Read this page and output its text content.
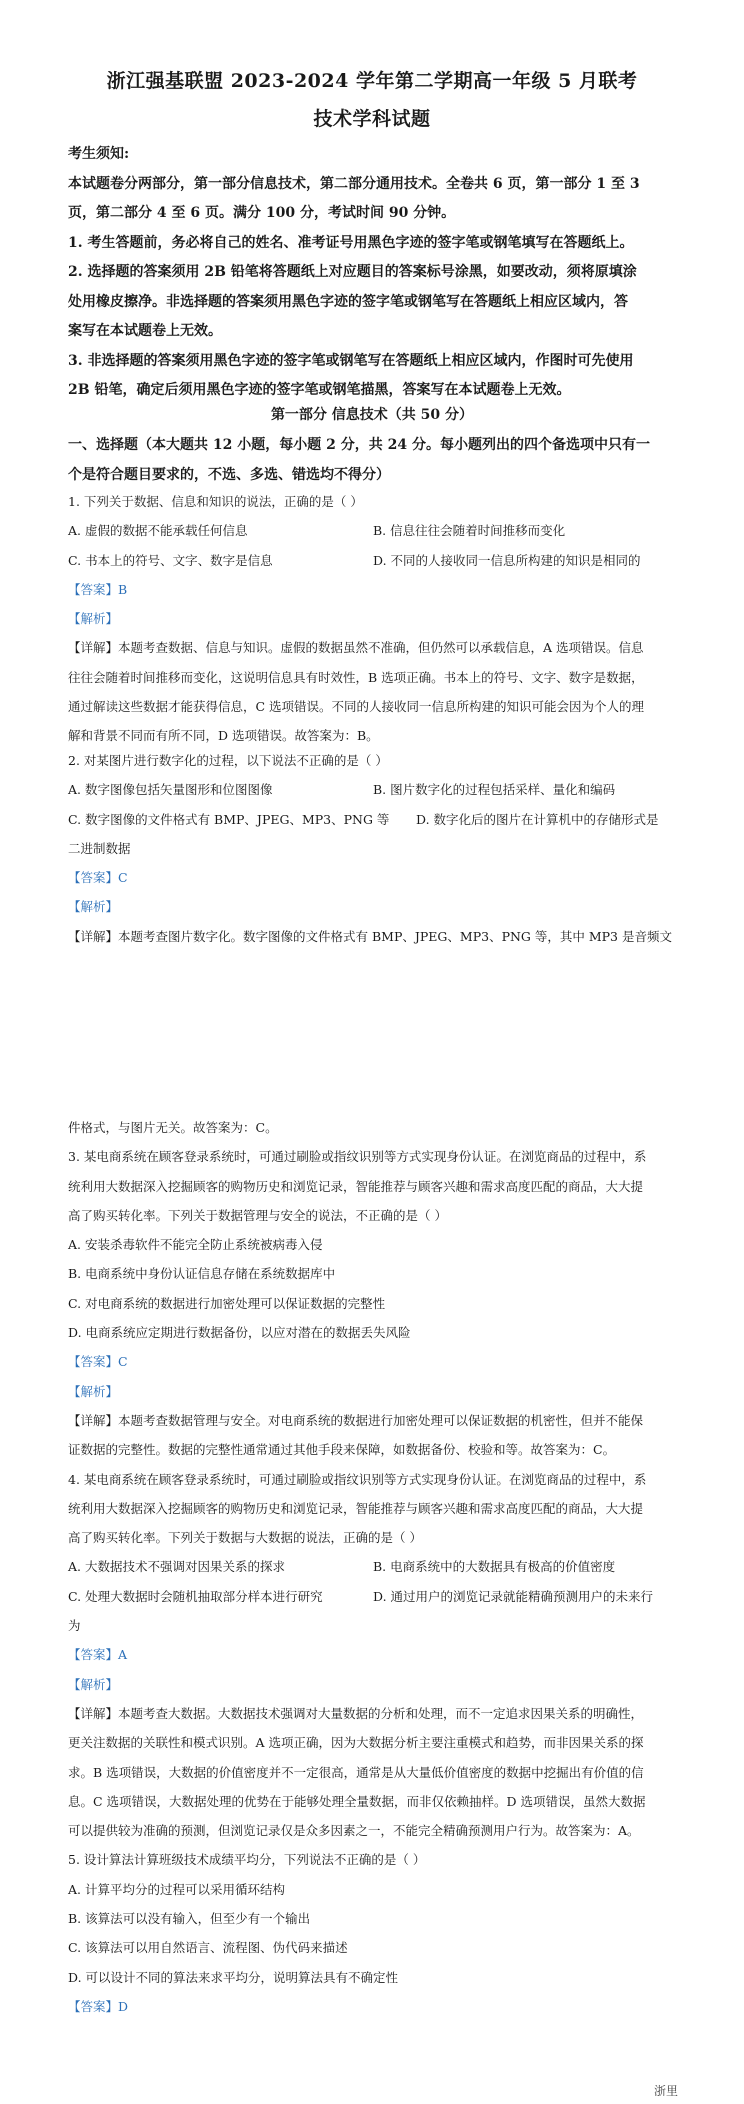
浙江强基联盟 2023-2024 学年第二学期高一年级 5 月联考
技术学科试题

考生须知:

本试题卷分两部分，第一部分信息技术，第二部分通用技术。全卷共 6 页，第一部分 1 至 3

页，第二部分 4 至 6 页。满分 100 分，考试时间 90 分钟。

1. 考生答题前，务必将自己的姓名、准考证号用黑色字迹的签字笔或钢笔填写在答题纸上。

2. 选择题的答案须用 2B 铅笔将答题纸上对应题目的答案标号涂黑，如要改动，须将原填涂

处用橡皮擦净。非选择题的答案须用黑色字迹的签字笔或钢笔写在答题纸上相应区域内，答

案写在本试题卷上无效。

3. 非选择题的答案须用黑色字迹的签字笔或钢笔写在答题纸上相应区域内，作图时可先使用

2B 铅笔，确定后须用黑色字迹的签字笔或钢笔描黑，答案写在本试题卷上无效。

第一部分 信息技术（共 50 分）
一、选择题（本大题共 12 小题，每小题 2 分，共 24 分。每小题列出的四个备选项中只有一
个是符合题目要求的，不选、多选、错选均不得分）

1. 下列关于数据、信息和知识的说法，正确的是（ ）

A. 虚假的数据不能承载任何信息	B. 信息往往会随着时间推移而变化
C. 书本上的符号、文字、数字是信息	D. 不同的人接收同一信息所构建的知识是相同的

【答案】B

【解析】

【详解】本题考查数据、信息与知识。虚假的数据虽然不准确，但仍然可以承载信息，A 选项错误。信息

往往会随着时间推移而变化，这说明信息具有时效性，B 选项正确。书本上的符号、文字、数字是数据，

通过解读这些数据才能获得信息，C 选项错误。不同的人接收同一信息所构建的知识可能会因为个人的理

解和背景不同而有所不同，D 选项错误。故答案为：B。

2. 对某图片进行数字化的过程，以下说法不正确的是（ ）

A. 数字图像包括矢量图形和位图图像	B. 图片数字化的过程包括采样、量化和编码
C. 数字图像的文件格式有 BMP、JPEG、MP3、PNG 等	D. 数字化后的图片在计算机中的存储形式是

二进制数据

【答案】C

【解析】

【详解】本题考查图片数字化。数字图像的文件格式有 BMP、JPEG、MP3、PNG 等，其中 MP3 是音频文

件格式，与图片无关。故答案为：C。

3. 某电商系统在顾客登录系统时，可通过刷脸或指纹识别等方式实现身份认证。在浏览商品的过程中，系

统利用大数据深入挖掘顾客的购物历史和浏览记录，智能推荐与顾客兴趣和需求高度匹配的商品，大大提

高了购买转化率。下列关于数据管理与安全的说法，不正确的是（ ）

A. 安装杀毒软件不能完全防止系统被病毒入侵

B. 电商系统中身份认证信息存储在系统数据库中

C. 对电商系统的数据进行加密处理可以保证数据的完整性

D. 电商系统应定期进行数据备份，以应对潜在的数据丢失风险

【答案】C

【解析】

【详解】本题考查数据管理与安全。对电商系统的数据进行加密处理可以保证数据的机密性，但并不能保

证数据的完整性。数据的完整性通常通过其他手段来保障，如数据备份、校验和等。故答案为：C。

4. 某电商系统在顾客登录系统时，可通过刷脸或指纹识别等方式实现身份认证。在浏览商品的过程中，系

统利用大数据深入挖掘顾客的购物历史和浏览记录，智能推荐与顾客兴趣和需求高度匹配的商品，大大提

高了购买转化率。下列关于数据与大数据的说法，正确的是（ ）

A. 大数据技术不强调对因果关系的探求	B. 电商系统中的大数据具有极高的价值密度
C. 处理大数据时会随机抽取部分样本进行研究	D. 通过用户的浏览记录就能精确预测用户的未来行

为

【答案】A

【解析】

【详解】本题考查大数据。大数据技术强调对大量数据的分析和处理，而不一定追求因果关系的明确性，

更关注数据的关联性和模式识别。A 选项正确，因为大数据分析主要注重模式和趋势，而非因果关系的探

求。B 选项错误，大数据的价值密度并不一定很高，通常是从大量低价值密度的数据中挖掘出有价值的信

息。C 选项错误，大数据处理的优势在于能够处理全量数据，而非仅依赖抽样。D 选项错误，虽然大数据

可以提供较为准确的预测，但浏览记录仅是众多因素之一，不能完全精确预测用户行为。故答案为：A。

5. 设计算法计算班级技术成绩平均分，下列说法不正确的是（ ）

A. 计算平均分的过程可以采用循环结构

B. 该算法可以没有输入，但至少有一个输出

C. 该算法可以用自然语言、流程图、伪代码来描述

D. 可以设计不同的算法来求平均分，说明算法具有不确定性

【答案】D

浙里
